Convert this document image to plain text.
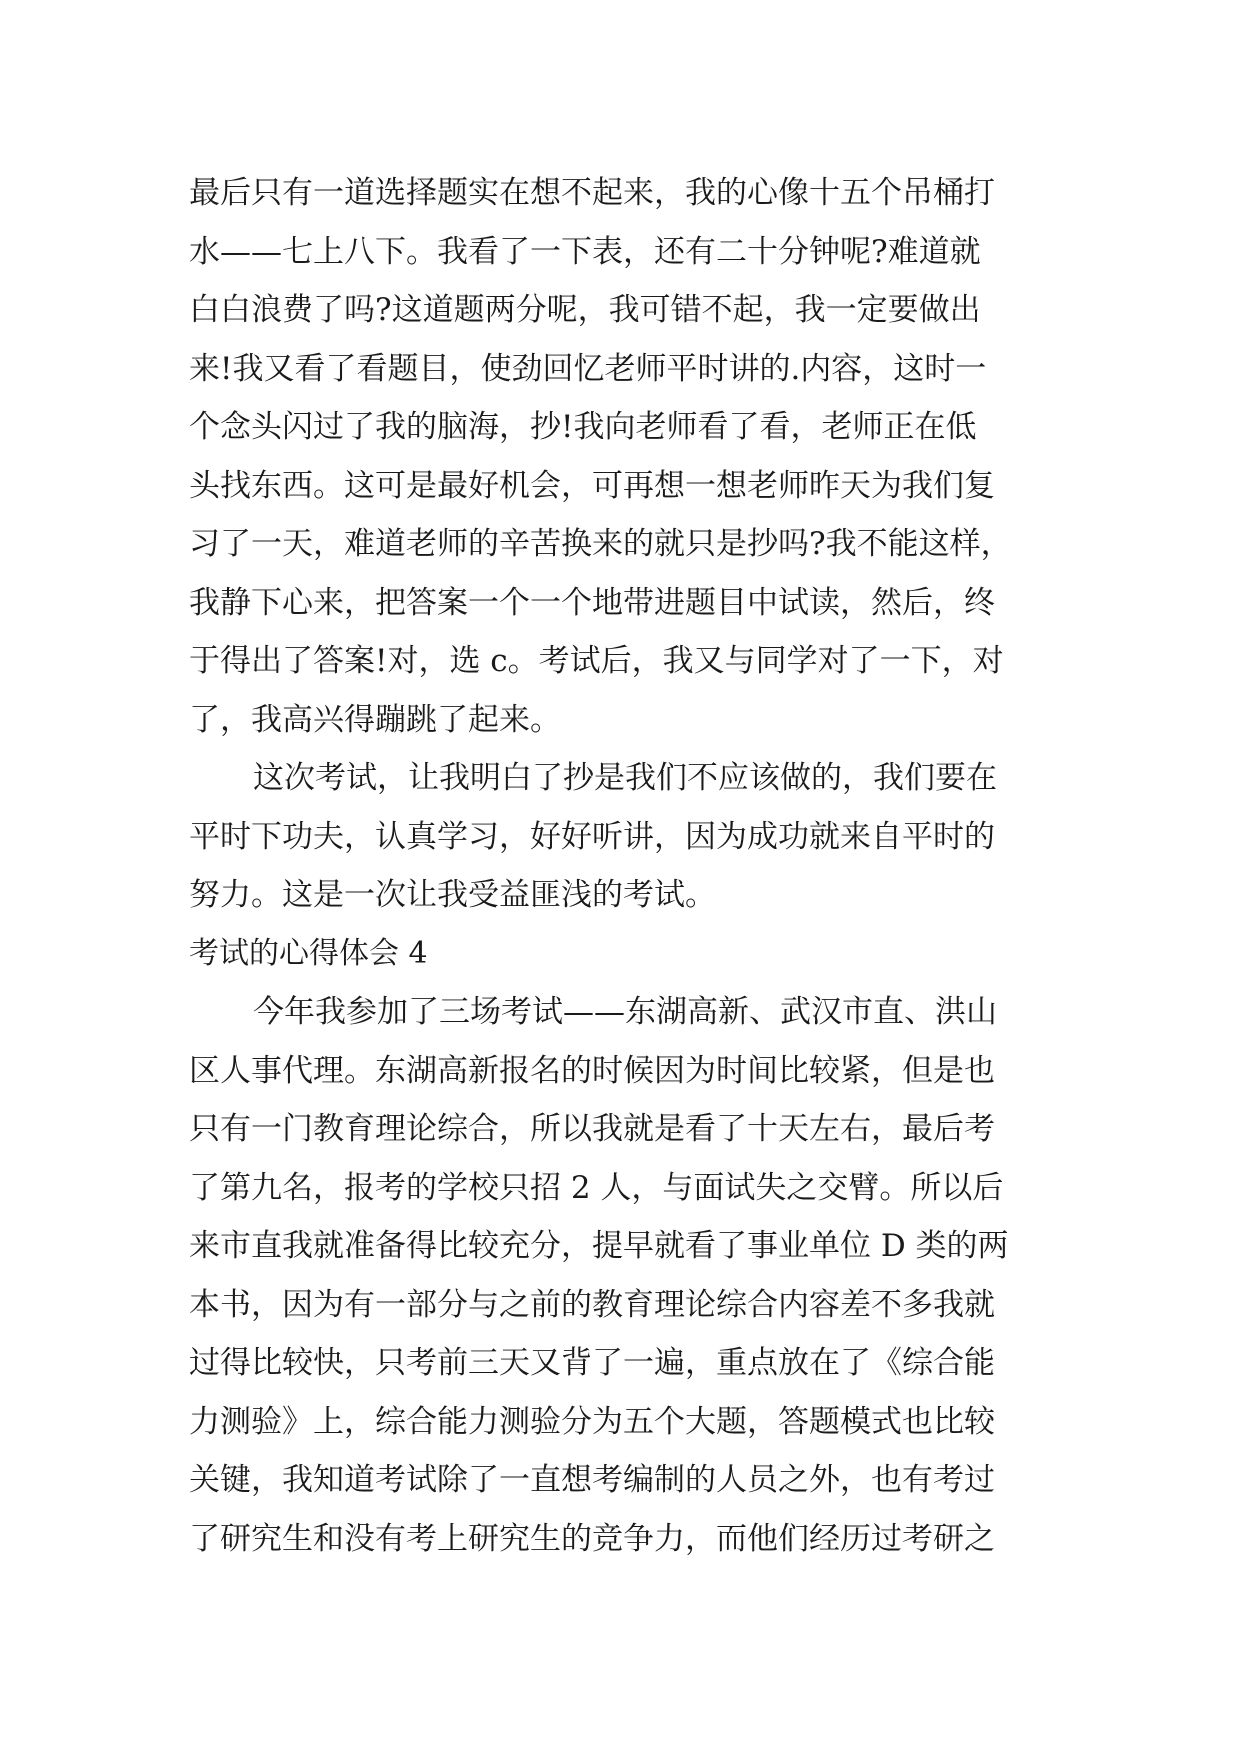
最后只有一道选择题实在想不起来，我的心像十五个吊桶打
水——七上八下。我看了一下表，还有二十分钟呢?难道就
白白浪费了吗?这道题两分呢，我可错不起，我一定要做出
来!我又看了看题目，使劲回忆老师平时讲的.内容，这时一
个念头闪过了我的脑海，抄!我向老师看了看，老师正在低
头找东西。这可是最好机会，可再想一想老师昨天为我们复
习了一天，难道老师的辛苦换来的就只是抄吗?我不能这样，
我静下心来，把答案一个一个地带进题目中试读，然后，终
于得出了答案!对，选 c。考试后，我又与同学对了一下，对
了，我高兴得蹦跳了起来。
这次考试，让我明白了抄是我们不应该做的，我们要在
平时下功夫，认真学习，好好听讲，因为成功就来自平时的
努力。这是一次让我受益匪浅的考试。
考试的心得体会 4
今年我参加了三场考试——东湖高新、武汉市直、洪山
区人事代理。东湖高新报名的时候因为时间比较紧，但是也
只有一门教育理论综合，所以我就是看了十天左右，最后考
了第九名，报考的学校只招 2 人，与面试失之交臂。所以后
来市直我就准备得比较充分，提早就看了事业单位 D 类的两
本书，因为有一部分与之前的教育理论综合内容差不多我就
过得比较快，只考前三天又背了一遍，重点放在了《综合能
力测验》上，综合能力测验分为五个大题，答题模式也比较
关键，我知道考试除了一直想考编制的人员之外，也有考过
了研究生和没有考上研究生的竞争力，而他们经历过考研之
